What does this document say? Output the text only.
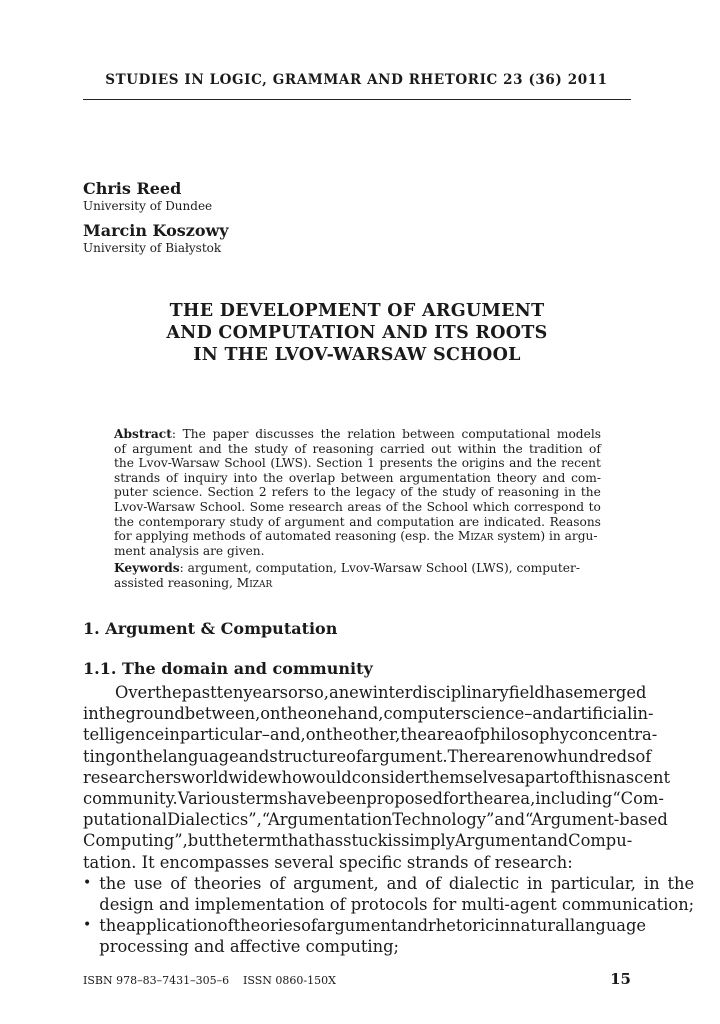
STUDIES IN LOGIC, GRAMMAR AND RHETORIC 23 (36) 2011
Chris Reed
University of Dundee
Marcin Koszowy
University of Białystok
THE DEVELOPMENT OF ARGUMENT
AND COMPUTATION AND ITS ROOTS
IN THE LVOV-WARSAW SCHOOL
Abstract : The paper discusses the relation between computational models
of argument and the study of reasoning carried out within the tradition of
the Lvov-Warsaw School (LWS). Section 1 presents the origins and the recent
strands of inquiry into the overlap between argumentation theory and com-
puter science. Section 2 refers to the legacy of the study of reasoning in the
Lvov-Warsaw School. Some research areas of the School which correspond to
the contemporary study of argument and computation are indicated. Reasons
for applying methods of automated reasoning (esp. the Mizar system) in argu-
ment analysis are given.
Keywords : argument, computation, Lvov-Warsaw School (LWS), computer-
assisted reasoning, Mizar
1. Argument & Computation
1.1. The domain and community
Over the past ten years or so, a new interdisciplinary field has emerged
in the ground between, on the one hand, computer science – and artificial in-
telligence in particular – and, on the other, the area of philosophy concentra-
ting on the language and structure of argument. There are now hundreds of
researchers worldwide who would consider themselves a part of this nascent
community. Various terms have been proposed for the area, including “Com-
putational Dialectics”, “Argumentation Technology” and “Argument-based
Computing”, but the term that has stuck is simply Argument and Compu-
tation. It encompasses several specific strands of research:
• the use of theories of argument, and of dialectic in particular, in the
design and implementation of protocols for multi-agent communication;
• the application of theories of argument and rhetoric in natural language
processing and affective computing;
ISBN 978–83–7431–305–6    ISSN 0860-150X	15
